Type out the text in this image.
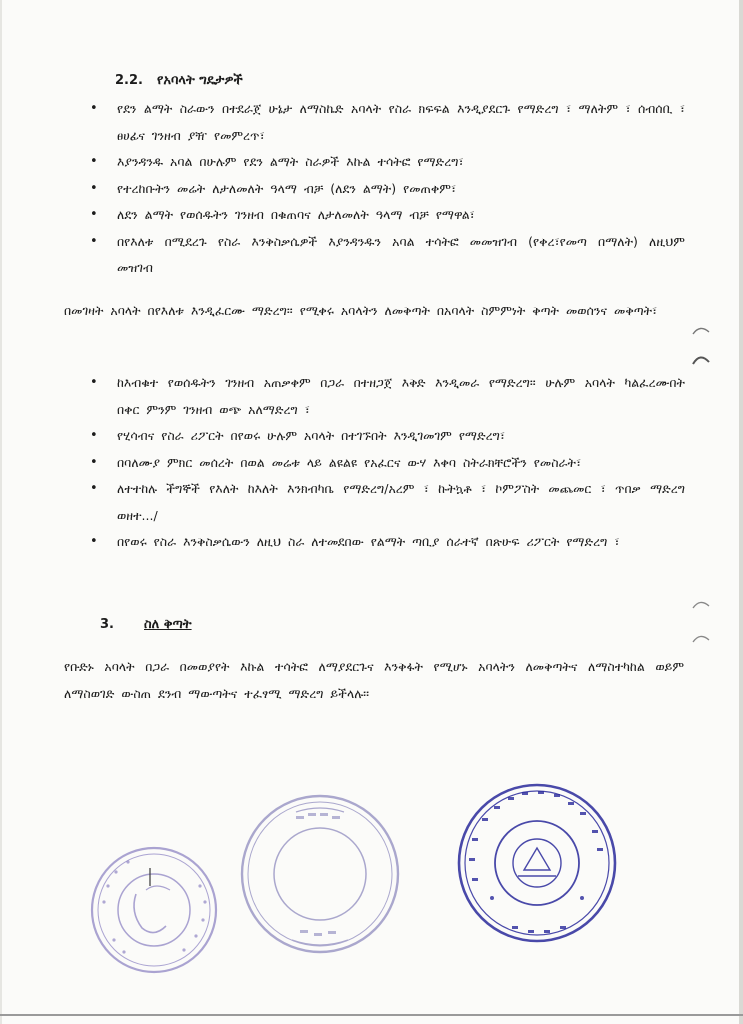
2.2. የአባላት ግዴታዎች
• የደን ልማት ስራውን በተደራጀ ሁኔታ ለማስኬድ አባላት የስራ ክፍፍል እንዲያደርጉ የማድረግ ፣ ማለትም ፣ ሰብሰቢ ፣ ፀሀፊና ገንዘብ ያዥ የመምረጥ፣
• እያንዳንዱ አባል በሁሉም የደን ልማት ስራዎች እኩል ተሳትፎ የማድረግ፣
• የተረከቡትን መሬት ለታለመለት ዓላማ ብቻ (ለደን ልማት) የመጠቀም፣
• ለደን ልማት የወሰዱትን ገንዘብ በቁጠባና ለታለመለት ዓላማ ብቻ የማዋል፣
• በየእለቱ በሚደረጉ የስራ እንቅስቃሴዎች እያንዳንዱን አባል ተሳትፎ መመዝገብ (የቀረ፣የመጣ በማለት) ለዚህም መዝገብ

በመገዛት አባላት በየእለቱ እንዲፈርሙ ማድረግ፡፡ የሚቀሩ አባላትን ለመቅጣት በአባላት ስምምነት ቅጣት መወሰንና መቅጣት፣

• ከእብቁተ የወሰዱትን ገንዘብ አጠቃቀም በጋራ በተዘጋጀ እቅድ እንዲመራ የማድረግ፡፡ ሁሉም አባላት ካልፈረሙበት በቀር ምንም ገንዘብ ወጭ አለማድረግ ፣
• የሂሳብና የስራ ሪፖርት በየወሩ ሁሉም አባላት በተገኙበት እንዲገመገም የማድረግ፣
• በባለሙያ ምክር መሰረት በወል መሬቱ ላይ ልዩልዩ የአፈርና ውሃ እቀባ ስትራክቸሮችን የመስራት፣
• ለተተከሉ ችግኞች የእለት ከእለት እንክብካቤ የማድረግ/አረም ፣ ኩትኳቶ ፣ ኮምፖስት መጨመር ፣ ጥበቃ ማድረግ ወዘተ.../
• በየወሩ የስራ እንቅስቃሴውን ለዚህ ስራ ለተመደበው የልማት ጣቢያ ሰራተኛ በጽሁፍ ሪፖርት የማድረግ ፣
3. ስለ ቅጣት

የቡድኑ አባላት በጋራ በመወያየት እኩል ተሳትፎ ለማያደርጉና እንቅፋት የሚሆኑ አባላትን ለመቅጣትና ለማስተካከል ወይም ለማስወገድ ውስጠ ደንብ ማውጣትና ተፈፃሚ ማድረግ ይችላሉ፡፡
